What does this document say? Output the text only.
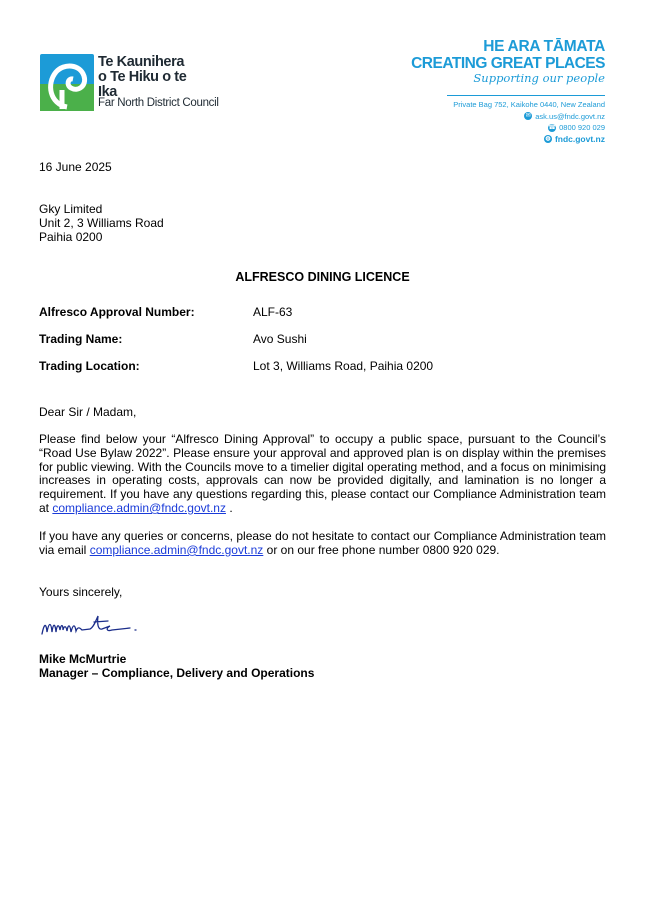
Te Kaunihera
o Te Hiku o te Ika
Far North District Council
HE ARA TĀMATA
CREATING GREAT PLACES
Supporting our people
Private Bag 752, Kaikohe 0440, New Zealand
✉ ask.us@fndc.govt.nz
☎ 0800 920 029
◍ fndc.govt.nz
16 June 2025
Gky Limited
Unit 2, 3 Williams Road
Paihia 0200
ALFRESCO DINING LICENCE
Alfresco Approval Number:	ALF-63
Trading Name:	Avo Sushi
Trading Location:	Lot 3, Williams Road, Paihia 0200
Dear Sir / Madam,
Please find below your “Alfresco Dining Approval” to occupy a public space, pursuant to the Council’s “Road Use Bylaw 2022”. Please ensure your approval and approved plan is on display within the premises for public viewing. With the Councils move to a timelier digital operating method, and a focus on minimising increases in operating costs, approvals can now be provided digitally, and lamination is no longer a requirement. If you have any questions regarding this, please contact our Compliance Administration team at compliance.admin@fndc.govt.nz .
If you have any queries or concerns, please do not hesitate to contact our Compliance Administration team via email compliance.admin@fndc.govt.nz or on our free phone number 0800 920 029.
Yours sincerely,
Mike McMurtrie
Manager – Compliance, Delivery and Operations
